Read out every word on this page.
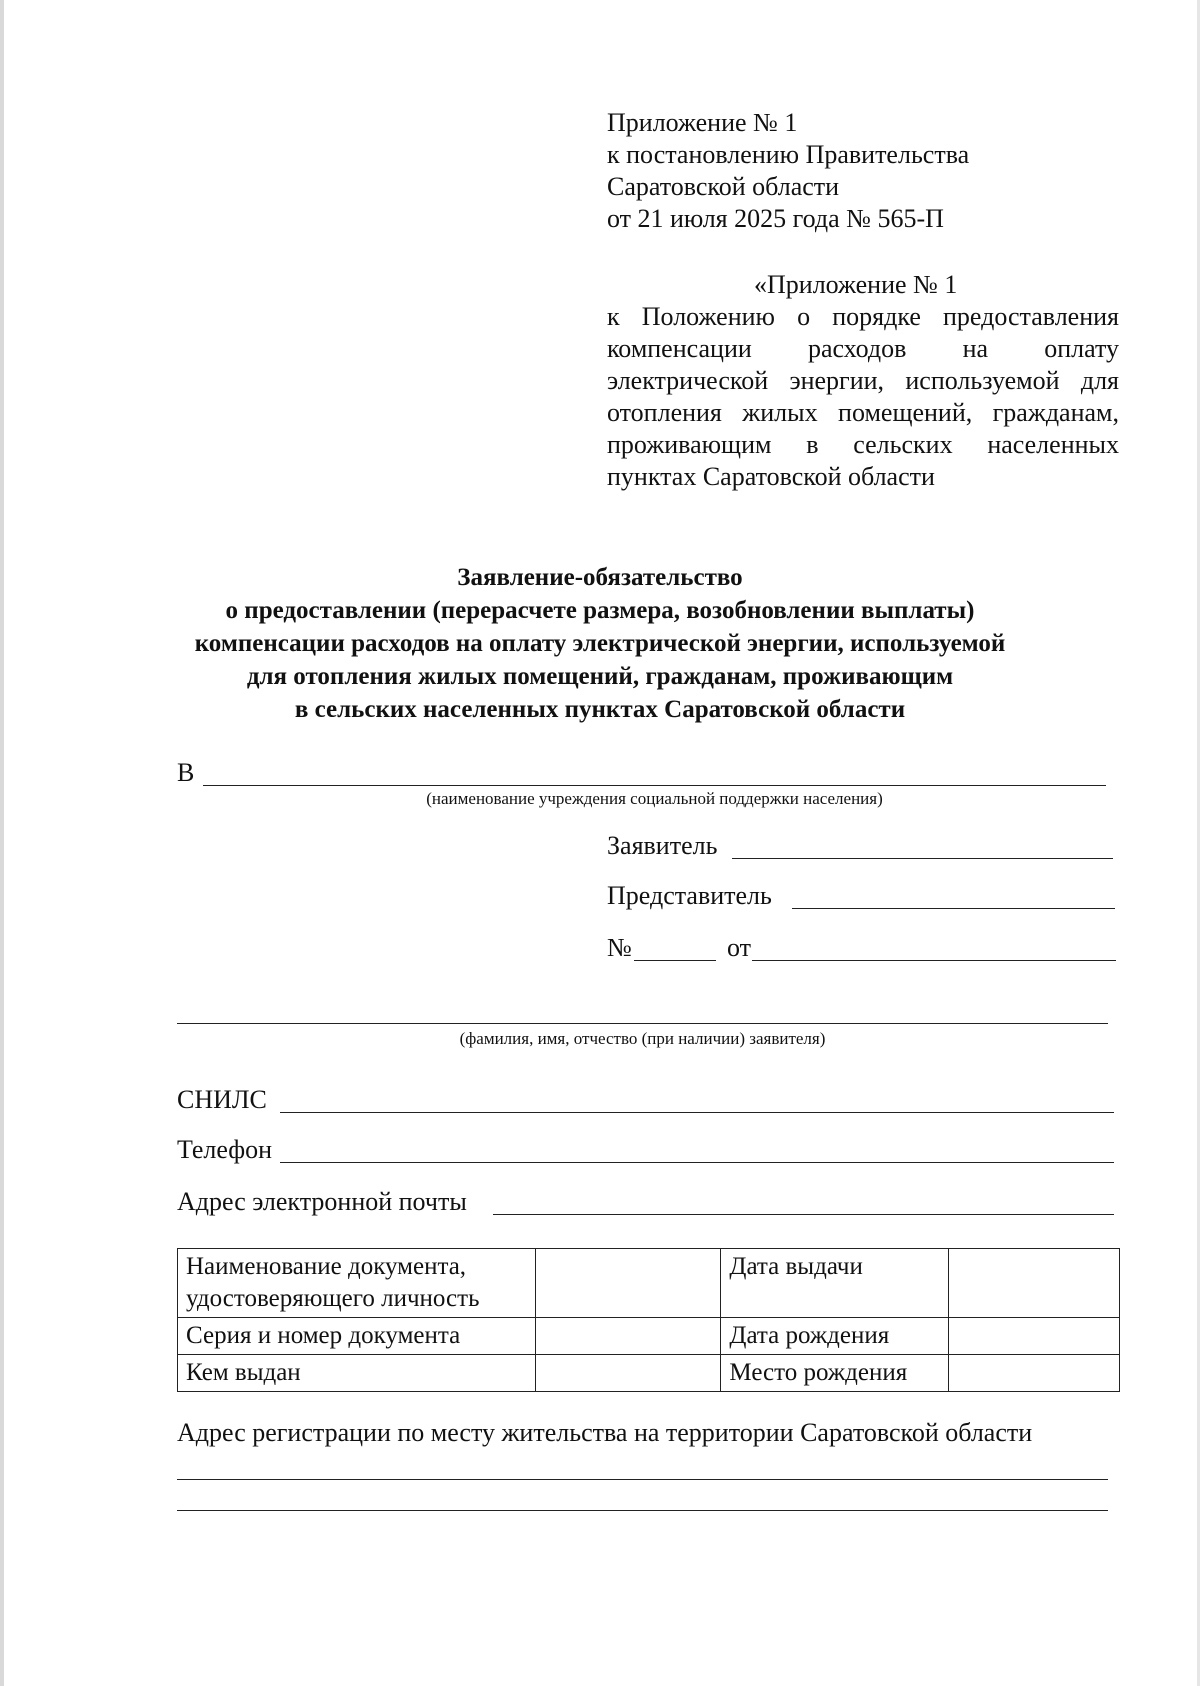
Приложение № 1
к постановлению Правительства
Саратовской области
от 21 июля 2025 года № 565-П
«Приложение № 1
к Положению о порядке предоставления
компенсации расходов на оплату
электрической энергии, используемой для
отопления жилых помещений, гражданам,
проживающим в сельских населенных
пунктах Саратовской области
Заявление-обязательство
о предоставлении (перерасчете размера, возобновлении выплаты)
компенсации расходов на оплату электрической энергии, используемой
для отопления жилых помещений, гражданам, проживающим
в сельских населенных пунктах Саратовской области
В
(наименование учреждения социальной поддержки населения)
Заявитель
Представитель
№	от
(фамилия, имя, отчество (при наличии) заявителя)
СНИЛС
Телефон
Адрес электронной почты
Наименование документа,
удостоверяющего личность		Дата выдачи	
Серия и номер документа		Дата рождения	
Кем выдан		Место рождения	
Адрес регистрации по месту жительства на территории Саратовской области
